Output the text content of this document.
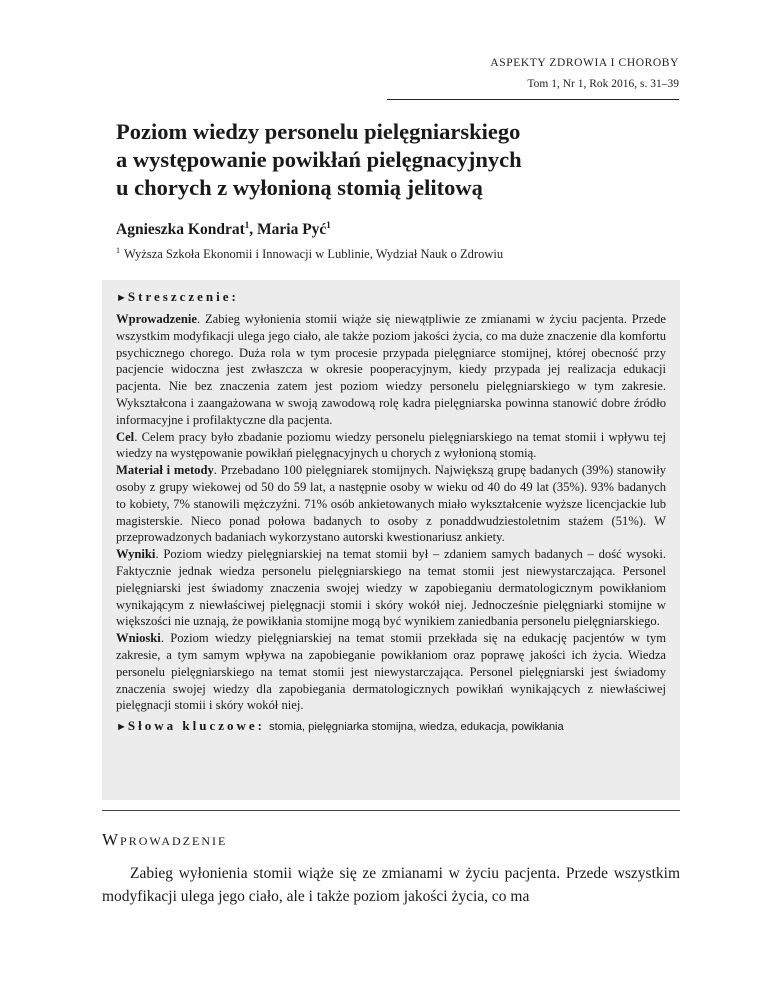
ASPEKTY ZDROWIA I CHOROBY
Tom 1, Nr 1, Rok 2016, s. 31–39
Poziom wiedzy personelu pielęgniarskiego
a występowanie powikłań pielęgnacyjnych
u chorych z wyłonioną stomią jelitową
Agnieszka Kondrat$^1$, Maria Pyć$^1$
$^1$ Wyższa Szkoła Ekonomii i Innowacji w Lublinie, Wydział Nauk o Zdrowiu
►Streszczenie:

Wprowadzenie. Zabieg wyłonienia stomii wiąże się niewątpliwie ze zmianami w życiu pacjenta. Przede wszystkim modyfikacji ulega jego ciało, ale także poziom jakości życia, co ma duże znaczenie dla komfortu psychicznego chorego. Duża rola w tym procesie przypada pielęgniarce stomijnej, której obecność przy pacjencie widoczna jest zwłaszcza w okresie pooperacyjnym, kiedy przypada jej realizacja edukacji pacjenta. Nie bez znaczenia zatem jest poziom wiedzy personelu pielęgniarskiego w tym zakresie. Wykształcona i zaangażowana w swoją zawodową rolę kadra pielęgniarska powinna stanowić dobre źródło informacyjne i profilaktyczne dla pacjenta.

Cel. Celem pracy było zbadanie poziomu wiedzy personelu pielęgniarskiego na temat stomii i wpływu tej wiedzy na występowanie powikłań pielęgnacyjnych u chorych z wyłonioną stomią.

Materiał i metody. Przebadano 100 pielęgniarek stomijnych. Największą grupę badanych (39%) stanowiły osoby z grupy wiekowej od 50 do 59 lat, a następnie osoby w wieku od 40 do 49 lat (35%). 93% badanych to kobiety, 7% stanowili mężczyźni. 71% osób ankietowanych miało wykształcenie wyższe licencjackie lub magisterskie. Nieco ponad połowa badanych to osoby z ponaddwudziestoletnim stażem (51%). W przeprowadzonych badaniach wykorzystano autorski kwestionariusz ankiety.

Wyniki. Poziom wiedzy pielęgniarskiej na temat stomii był – zdaniem samych badanych – dość wysoki. Faktycznie jednak wiedza personelu pielęgniarskiego na temat stomii jest niewystarczająca. Personel pielęgniarski jest świadomy znaczenia swojej wiedzy w zapobieganiu dermatologicznym powikłaniom wynikającym z niewłaściwej pielęgnacji stomii i skóry wokół niej. Jednocześnie pielęgniarki stomijne w większości nie uznają, że powikłania stomijne mogą być wynikiem zaniedbania personelu pielęgniarskiego.

Wnioski. Poziom wiedzy pielęgniarskiej na temat stomii przekłada się na edukację pacjentów w tym zakresie, a tym samym wpływa na zapobieganie powikłaniom oraz poprawę jakości ich życia. Wiedza personelu pielęgniarskiego na temat stomii jest niewystarczająca. Personel pielęgniarski jest świadomy znaczenia swojej wiedzy dla zapobiegania dermatologicznych powikłań wynikających z niewłaściwej pielęgnacji stomii i skóry wokół niej.

►Słowa kluczowe: stomia, pielęgniarka stomijna, wiedza, edukacja, powikłania
Wprowadzenie

Zabieg wyłonienia stomii wiąże się ze zmianami w życiu pacjenta. Przede wszystkim modyfikacji ulega jego ciało, ale i także poziom jakości życia, co ma
